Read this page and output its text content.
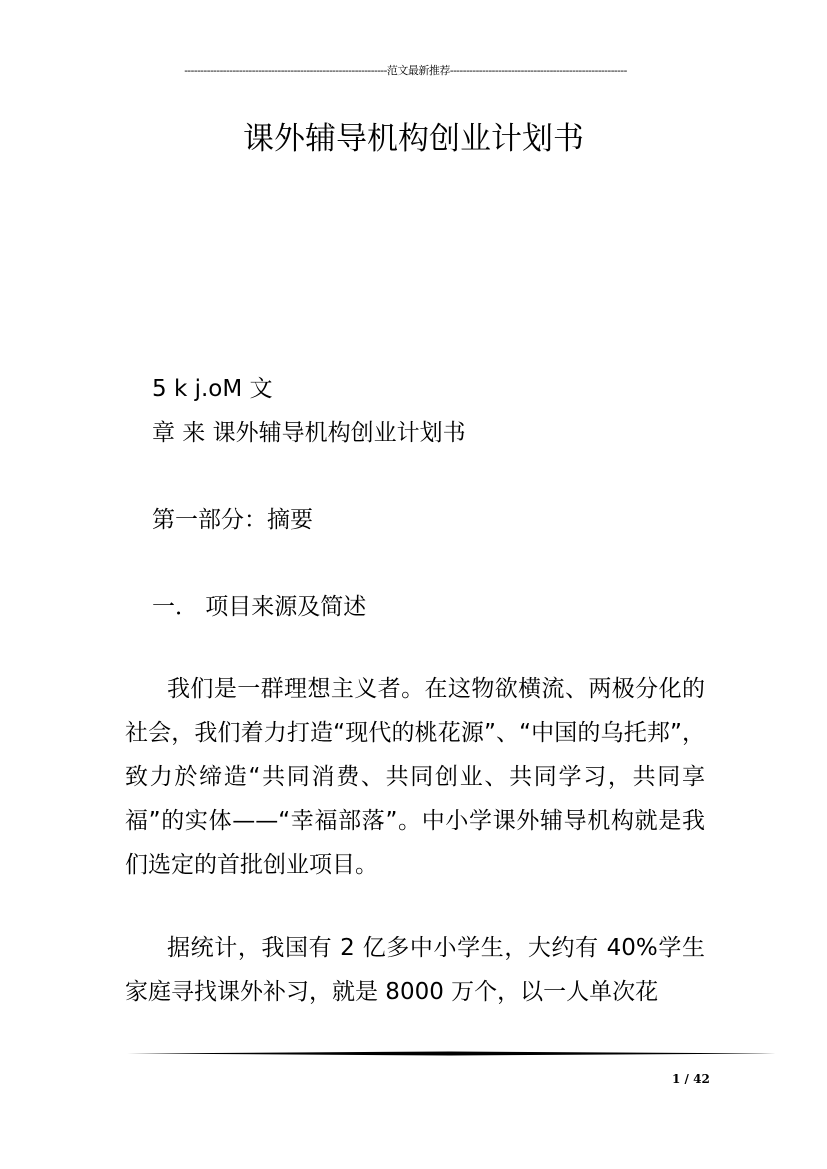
---------------------------------------------------------------范文最新推荐-------------------------------------------------------
课外辅导机构创业计划书
5 k j.oM 文
章 来 课外辅导机构创业计划书
第一部分：摘要
一． 项目来源及简述
我们是一群理想主义者。在这物欲横流、两极分化的社会，我们着力打造“现代的桃花源”、“中国的乌托邦”，致力於缔造“共同消费、共同创业、共同学习，共同享福”的实体——“幸福部落”。中小学课外辅导机构就是我们选定的首批创业项目。
据统计，我国有 2 亿多中小学生，大约有 40%学生家庭寻找课外补习，就是 8000 万个，以一人单次花
1 / 42
